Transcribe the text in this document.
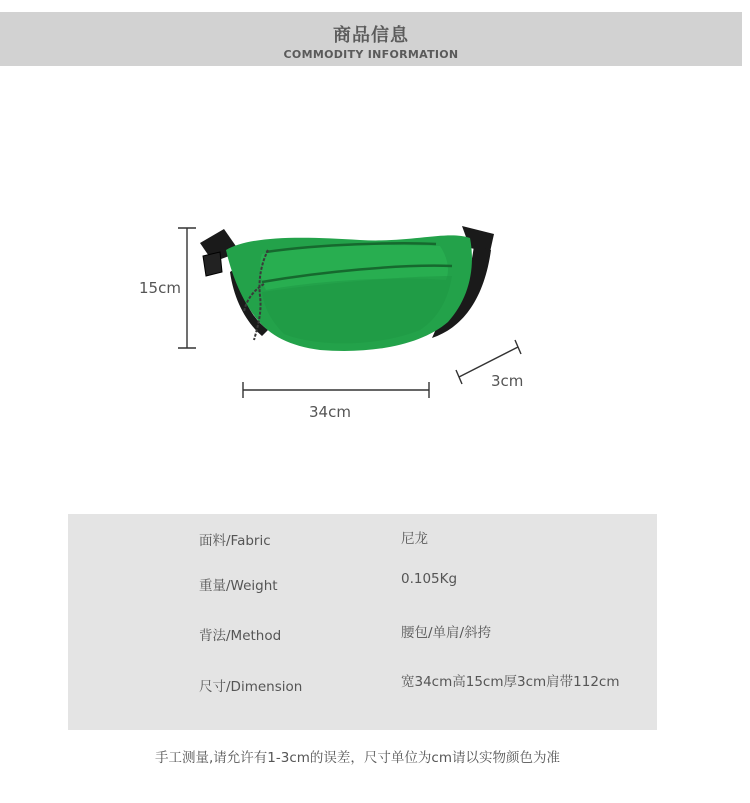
商品信息
COMMODITY INFORMATION
15cm
34cm
3cm
面料/Fabric	尼龙
重量/Weight	0.105Kg
背法/Method	腰包/单肩/斜挎
尺寸/Dimension	宽34cm高15cm厚3cm肩带112cm
手工测量,请允许有1-3cm的误差，尺寸单位为cm请以实物颜色为准
